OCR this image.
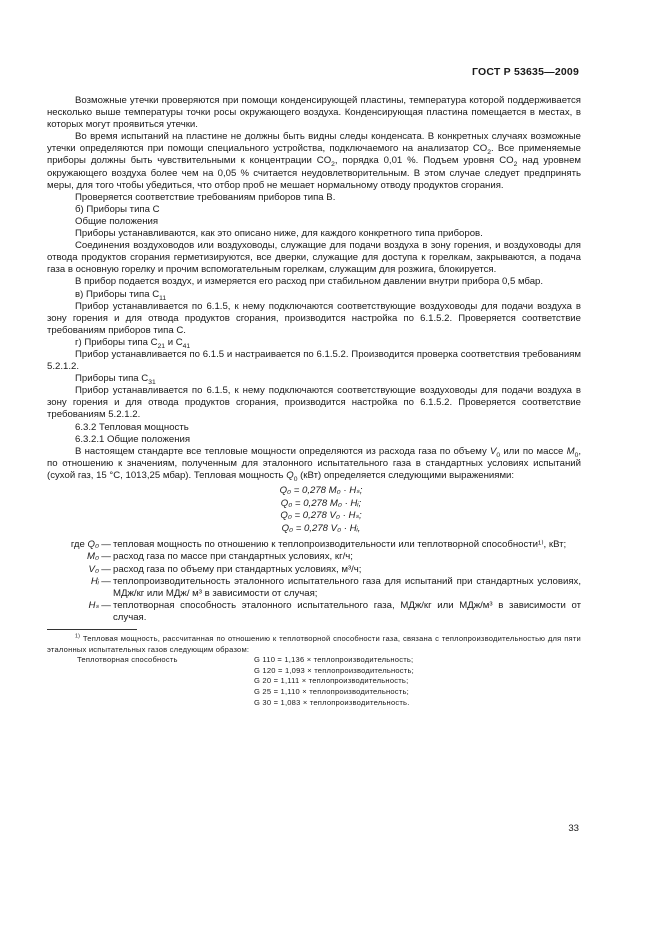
ГОСТ Р 53635—2009

Возможные утечки проверяются при помощи конденсирующей пластины, температура которой поддерживается несколько выше температуры точки росы окружающего воздуха. Конденсирующая пластина помещается в местах, в которых могут проявиться утечки.

Во время испытаний на пластине не должны быть видны следы конденсата. В конкретных случаях возможные утечки определяются при помощи специального устройства, подключаемого на анализатор $CO_2$. Все применяемые приборы должны быть чувствительными к концентрации $CO_2$, порядка 0,01 %. Подъем уровня $CO_2$ над уровнем окружающего воздуха более чем на 0,05 % считается неудовлетворительным. В этом случае следует предпринять меры, для того чтобы убедиться, что отбор проб не мешает нормальному отводу продуктов сгорания.

Проверяется соответствие требованиям приборов типа B.

б) Приборы типа C

Общие положения

Приборы устанавливаются, как это описано ниже, для каждого конкретного типа приборов.

Соединения воздуховодов или воздуховоды, служащие для подачи воздуха в зону горения, и воздуховоды для отвода продуктов сгорания герметизируются, все дверки, служащие для доступа к горелкам, закрываются, а подача газа в основную горелку и прочим вспомогательным горелкам, служащим для розжига, блокируется.

В прибор подается воздух, и измеряется его расход при стабильном давлении внутри прибора 0,5 мбар.

в) Приборы типа $C_{11}$

Прибор устанавливается по 6.1.5, к нему подключаются соответствующие воздуховоды для подачи воздуха в зону горения и для отвода продуктов сгорания, производится настройка по 6.1.5.2. Проверяется соответствие требованиям приборов типа C.

г) Приборы типа $C_{21}$ и $C_{41}$

Прибор устанавливается по 6.1.5 и настраивается по 6.1.5.2. Производится проверка соответствия требованиям 5.2.1.2.

Приборы типа $C_{31}$

Прибор устанавливается по 6.1.5, к нему подключаются соответствующие воздуховоды для подачи воздуха в зону горения и для отвода продуктов сгорания, производится настройка по 6.1.5.2. Проверяется соответствие требованиям 5.2.1.2.

6.3.2 Тепловая мощность

6.3.2.1 Общие положения

В настоящем стандарте все тепловые мощности определяются из расхода газа по объему $V_0$ или по массе $M_0$, по отношению к значениям, полученным для эталонного испытательного газа в стандартных условиях испытаний (сухой газ, 15 °C, 1013,25 мбар). Тепловая мощность $Q_0$ (кВт) определяется следующими выражениями:

Q₀ = 0,278 M₀ · Hₛ;

Q₀ = 0,278 M₀ · Hᵢ;

Q₀ = 0,278 V₀ · Hₛ;

Q₀ = 0,278 V₀ · Hᵢ,

где Q₀ — тепловая мощность по отношению к теплопроизводительности или теплотворной способности¹⁾, кВт;
M₀ — расход газа по массе при стандартных условиях, кг/ч;
V₀ — расход газа по объему при стандартных условиях, м³/ч;
Hᵢ — теплопроизводительность эталонного испытательного газа для испытаний при стандартных условиях, МДж/кг или МДж/ м³ в зависимости от случая;
Hₛ — теплотворная способность эталонного испытательного газа, МДж/кг или МДж/м³ в зависимости от случая.

$^{1)}$ Тепловая мощность, рассчитанная по отношению к теплотворной способности газа, связана с теплопроизводительностью для пяти эталонных испытательных газов следующим образом:

Теплотворная способность	G 110 = 1,136 × теплопроизводительность;
G 120 = 1,093 × теплопроизводительность;
G 20 = 1,111 × теплопроизводительность;
G 25 = 1,110 × теплопроизводительность;
G 30 = 1,083 × теплопроизводительность.
33
